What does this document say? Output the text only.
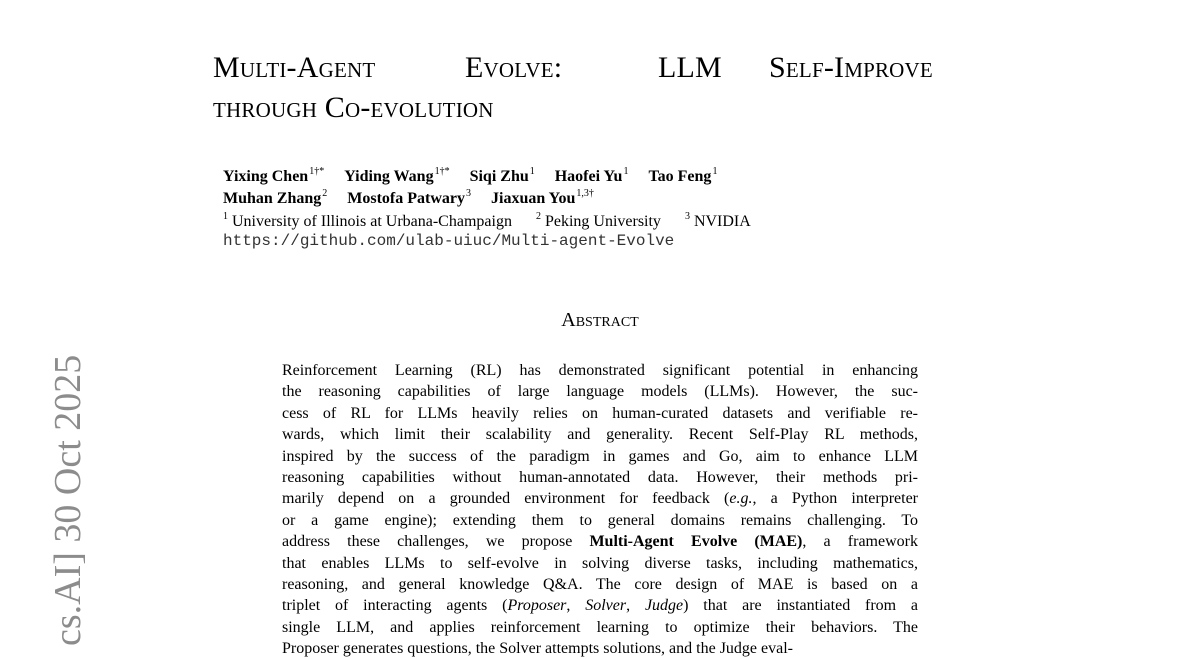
cs.AI] 30 Oct 2025
Multi-Agent	Evolve:	LLM Self-Improve
through Co-evolution
Yixing Chen$^{1\dagger*}$ Yiding Wang$^{1\dagger*}$ Siqi Zhu$^1$ Haofei Yu$^1$ Tao Feng$^1$
Muhan Zhang$^2$ Mostofa Patwary$^3$ Jiaxuan You$^{1,3\dagger}$
$^1$ University of Illinois at Urbana-Champaign $^2$ Peking University $^3$ NVIDIA
https://github.com/ulab-uiuc/Multi-agent-Evolve
Abstract
Reinforcement Learning (RL) has demonstrated significant potential in enhancing
the reasoning capabilities of large language models (LLMs). However, the suc-
cess of RL for LLMs heavily relies on human-curated datasets and verifiable re-
wards, which limit their scalability and generality. Recent Self-Play RL methods,
inspired by the success of the paradigm in games and Go, aim to enhance LLM
reasoning capabilities without human-annotated data. However, their methods pri-
marily depend on a grounded environment for feedback (e.g., a Python interpreter
or a game engine); extending them to general domains remains challenging. To
address these challenges, we propose Multi-Agent Evolve (MAE), a framework
that enables LLMs to self-evolve in solving diverse tasks, including mathematics,
reasoning, and general knowledge Q&A. The core design of MAE is based on a
triplet of interacting agents (Proposer, Solver, Judge) that are instantiated from a
single LLM, and applies reinforcement learning to optimize their behaviors. The
Proposer generates questions, the Solver attempts solutions, and the Judge eval-
